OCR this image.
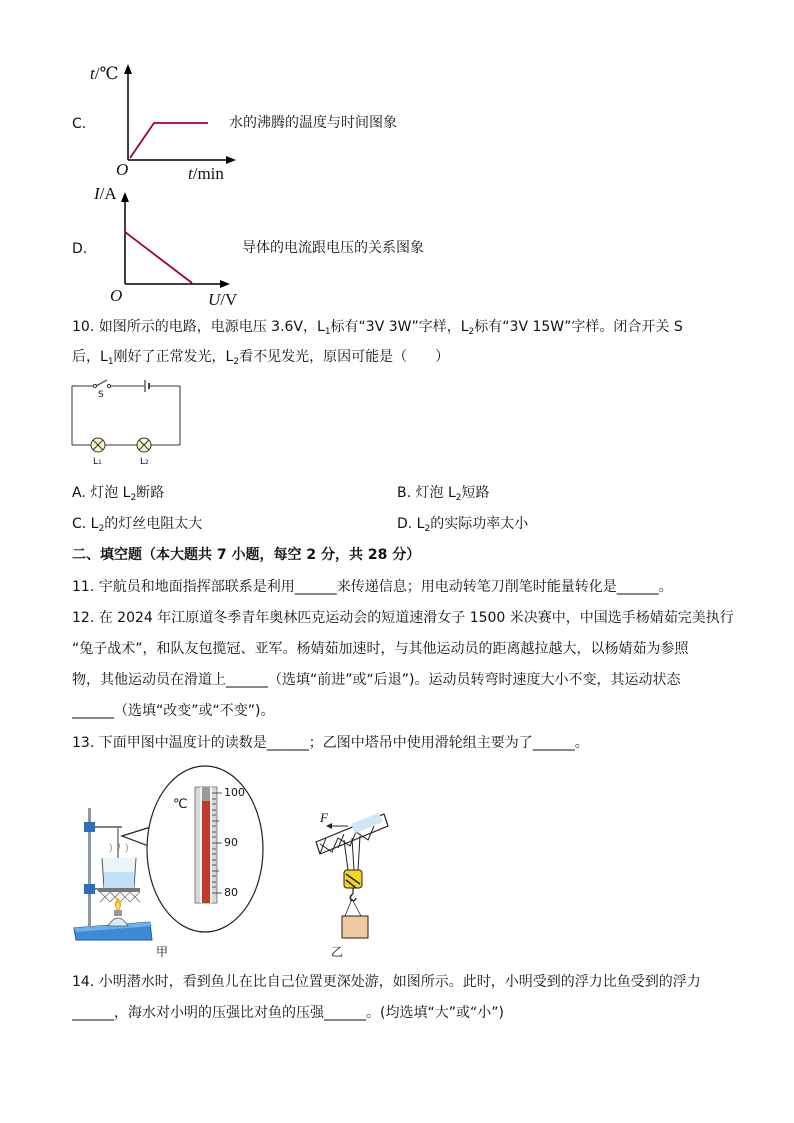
C.
t/℃
O	t/min
水的沸腾的温度与时间图象
D.
I/A
O	U/V
导体的电流跟电压的关系图象
10. 如图所示的电路，电源电压 3.6V，$L_1$标有“3V 3W”字样，$L_2$标有“3V 15W”字样。闭合开关 S
后，$L_1$刚好了正常发光，$L_2$看不见发光，原因可能是（　　）
S
L1	L2
A. 灯泡 $L_2$断路	B. 灯泡 $L_2$短路
C. $L_2$的灯丝电阻太大	D. $L_2$的实际功率太小
二、填空题（本大题共 7 小题，每空 2 分，共 28 分）
11. 宇航员和地面指挥部联系是利用______来传递信息；用电动转笔刀削笔时能量转化是______。
12. 在 2024 年江原道冬季青年奥林匹克运动会的短道速滑女子 1500 米决赛中，中国选手杨婧茹完美执行
“兔子战术”，和队友包揽冠、亚军。杨婧茹加速时，与其他运动员的距离越拉越大，以杨婧茹为参照
物，其他运动员在滑道上______（选填“前进”或“后退”)。运动员转弯时速度大小不变，其运动状态
______（选填“改变”或“不变”)。
13. 下面甲图中温度计的读数是______；乙图中塔吊中使用滑轮组主要为了______。
℃
100
90
80
甲	乙
F
14. 小明潜水时，看到鱼儿在比自己位置更深处游，如图所示。此时，小明受到的浮力比鱼受到的浮力
______，海水对小明的压强比对鱼的压强______。(均选填“大”或“小”)
